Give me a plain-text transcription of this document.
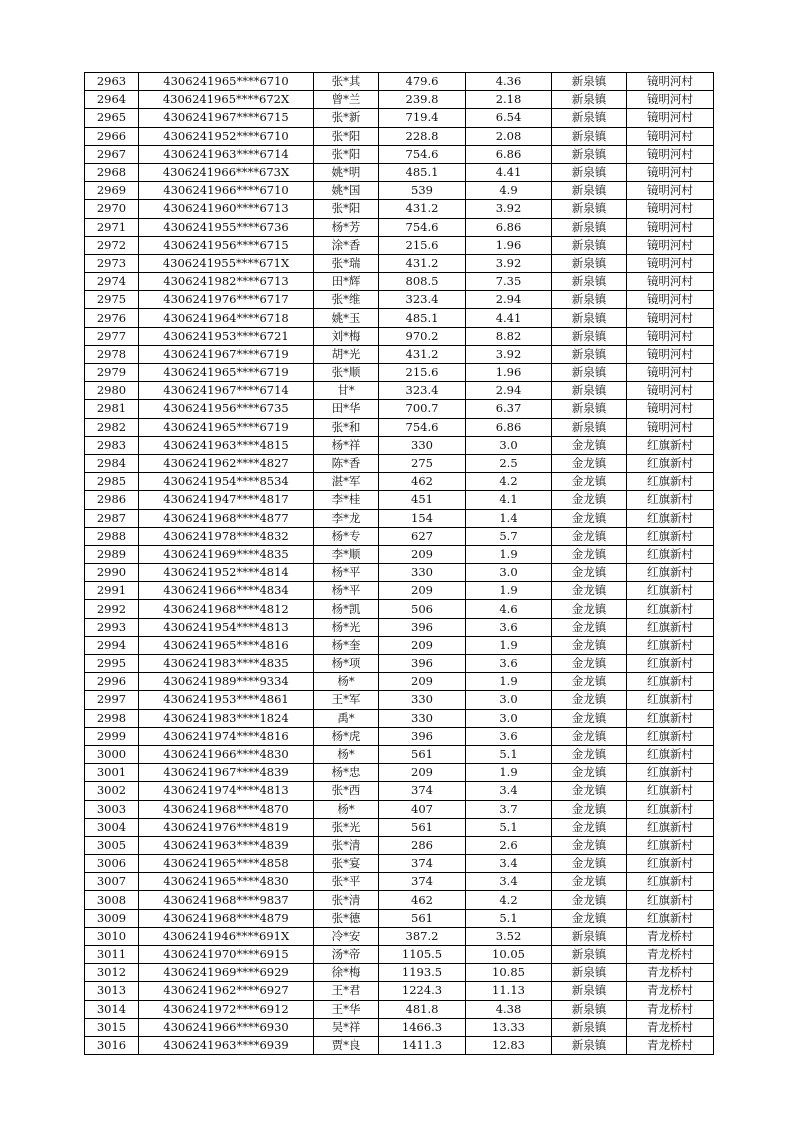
2963	4306241965****6710	张*其	479.6	4.36	新泉镇	镜明河村
2964	4306241965****672X	曾*兰	239.8	2.18	新泉镇	镜明河村
2965	4306241967****6715	张*新	719.4	6.54	新泉镇	镜明河村
2966	4306241952****6710	张*阳	228.8	2.08	新泉镇	镜明河村
2967	4306241963****6714	张*阳	754.6	6.86	新泉镇	镜明河村
2968	4306241966****673X	姚*明	485.1	4.41	新泉镇	镜明河村
2969	4306241966****6710	姚*国	539	4.9	新泉镇	镜明河村
2970	4306241960****6713	张*阳	431.2	3.92	新泉镇	镜明河村
2971	4306241955****6736	杨*芳	754.6	6.86	新泉镇	镜明河村
2972	4306241956****6715	涂*香	215.6	1.96	新泉镇	镜明河村
2973	4306241955****671X	张*瑞	431.2	3.92	新泉镇	镜明河村
2974	4306241982****6713	田*辉	808.5	7.35	新泉镇	镜明河村
2975	4306241976****6717	张*维	323.4	2.94	新泉镇	镜明河村
2976	4306241964****6718	姚*玉	485.1	4.41	新泉镇	镜明河村
2977	4306241953****6721	刘*梅	970.2	8.82	新泉镇	镜明河村
2978	4306241967****6719	胡*光	431.2	3.92	新泉镇	镜明河村
2979	4306241965****6719	张*顺	215.6	1.96	新泉镇	镜明河村
2980	4306241967****6714	甘*	323.4	2.94	新泉镇	镜明河村
2981	4306241956****6735	田*华	700.7	6.37	新泉镇	镜明河村
2982	4306241965****6719	张*和	754.6	6.86	新泉镇	镜明河村
2983	4306241963****4815	杨*祥	330	3.0	金龙镇	红旗新村
2984	4306241962****4827	陈*香	275	2.5	金龙镇	红旗新村
2985	4306241954****8534	湛*军	462	4.2	金龙镇	红旗新村
2986	4306241947****4817	李*桂	451	4.1	金龙镇	红旗新村
2987	4306241968****4877	李*龙	154	1.4	金龙镇	红旗新村
2988	4306241978****4832	杨*专	627	5.7	金龙镇	红旗新村
2989	4306241969****4835	李*顺	209	1.9	金龙镇	红旗新村
2990	4306241952****4814	杨*平	330	3.0	金龙镇	红旗新村
2991	4306241966****4834	杨*平	209	1.9	金龙镇	红旗新村
2992	4306241968****4812	杨*凯	506	4.6	金龙镇	红旗新村
2993	4306241954****4813	杨*光	396	3.6	金龙镇	红旗新村
2994	4306241965****4816	杨*奎	209	1.9	金龙镇	红旗新村
2995	4306241983****4835	杨*项	396	3.6	金龙镇	红旗新村
2996	4306241989****9334	杨*	209	1.9	金龙镇	红旗新村
2997	4306241953****4861	王*军	330	3.0	金龙镇	红旗新村
2998	4306241983****1824	禹*	330	3.0	金龙镇	红旗新村
2999	4306241974****4816	杨*虎	396	3.6	金龙镇	红旗新村
3000	4306241966****4830	杨*	561	5.1	金龙镇	红旗新村
3001	4306241967****4839	杨*忠	209	1.9	金龙镇	红旗新村
3002	4306241974****4813	张*西	374	3.4	金龙镇	红旗新村
3003	4306241968****4870	杨*	407	3.7	金龙镇	红旗新村
3004	4306241976****4819	张*光	561	5.1	金龙镇	红旗新村
3005	4306241963****4839	张*清	286	2.6	金龙镇	红旗新村
3006	4306241965****4858	张*宴	374	3.4	金龙镇	红旗新村
3007	4306241965****4830	张*平	374	3.4	金龙镇	红旗新村
3008	4306241968****9837	张*清	462	4.2	金龙镇	红旗新村
3009	4306241968****4879	张*德	561	5.1	金龙镇	红旗新村
3010	4306241946****691X	冷*安	387.2	3.52	新泉镇	青龙桥村
3011	4306241970****6915	汤*帝	1105.5	10.05	新泉镇	青龙桥村
3012	4306241969****6929	徐*梅	1193.5	10.85	新泉镇	青龙桥村
3013	4306241962****6927	王*君	1224.3	11.13	新泉镇	青龙桥村
3014	4306241972****6912	王*华	481.8	4.38	新泉镇	青龙桥村
3015	4306241966****6930	吴*祥	1466.3	13.33	新泉镇	青龙桥村
3016	4306241963****6939	贾*良	1411.3	12.83	新泉镇	青龙桥村
